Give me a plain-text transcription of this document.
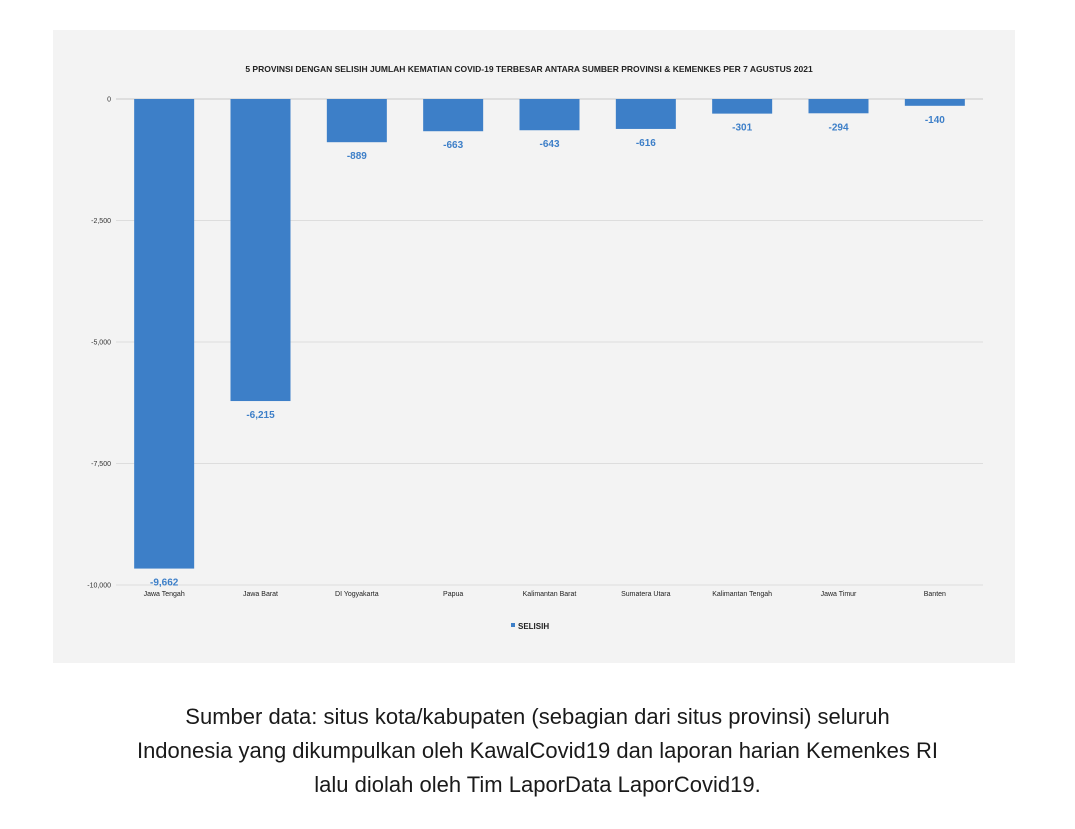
5 PROVINSI DENGAN SELISIH JUMLAH KEMATIAN COVID-19 TERBESAR ANTARA SUMBER PROVINSI & KEMENKES PER 7 AGUSTUS 2021
0
-2,500
-5,000
-7,500
-10,000	-9,662
-6,215
-889
-663	-643	-616
-301	-294
-140
Jawa Tengah	Jawa Barat	DI Yogyakarta	Papua	Kalimantan Barat	Sumatera Utara	Kalimantan Tengah	Jawa Timur	Banten
SELISIH
Sumber data: situs kota/kabupaten (sebagian dari situs provinsi) seluruh
Indonesia yang dikumpulkan oleh KawalCovid19 dan laporan harian Kemenkes RI
lalu diolah oleh Tim LaporData LaporCovid19.
